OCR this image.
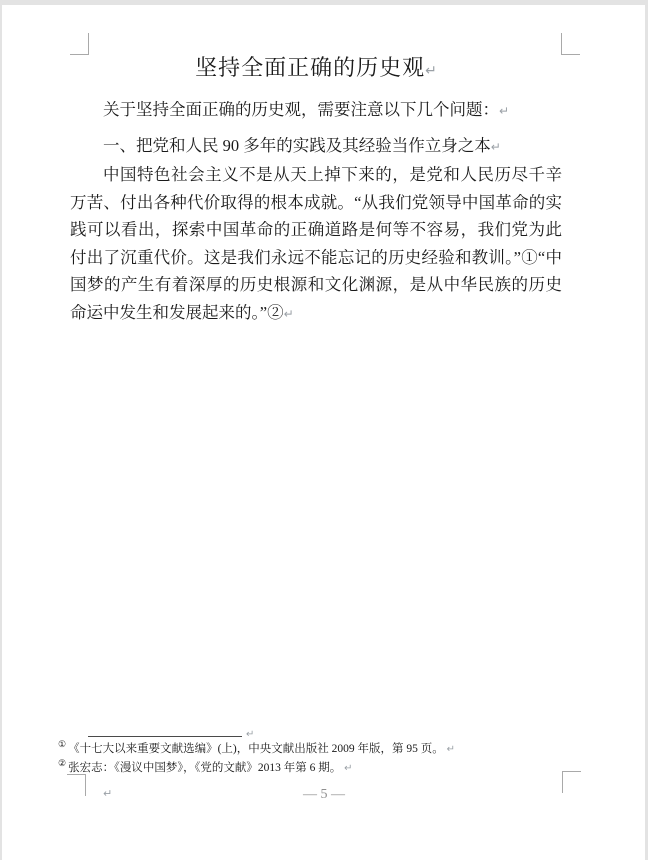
坚持全面正确的历史观↵

关于坚持全面正确的历史观，需要注意以下几个问题：↵

一、把党和人民 90 多年的实践及其经验当作立身之本↵

中国特色社会主义不是从天上掉下来的，是党和人民历尽千辛万苦、付出各种代价取得的根本成就。“从我们党领导中国革命的实践可以看出，探索中国革命的正确道路是何等不容易，我们党为此付出了沉重代价。这是我们永远不能忘记的历史经验和教训。”①“中国梦的产生有着深厚的历史根源和文化渊源，是从中华民族的历史命运中发生和发展起来的。”②↵

↵
① 《十七大以来重要文献选编》(上)，中央文献出版社 2009 年版，第 95 页。 ↵
② 张宏志：《漫议中国梦》，《党的文献》2013 年第 6 期。 ↵
↵	— 5 —
